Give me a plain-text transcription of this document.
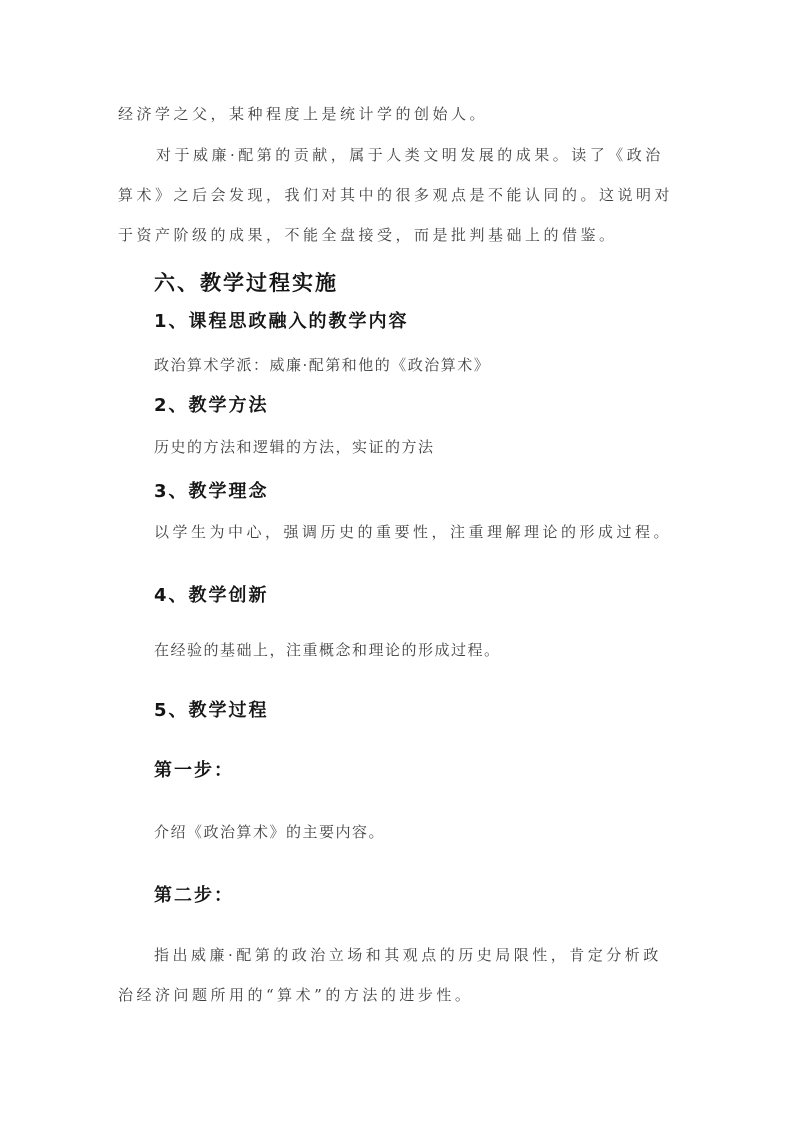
经济学之父，某种程度上是统计学的创始人。
对于威廉·配第的贡献，属于人类文明发展的成果。读了《政治
算术》之后会发现，我们对其中的很多观点是不能认同的。这说明对
于资产阶级的成果，不能全盘接受，而是批判基础上的借鉴。
六、教学过程实施
1、课程思政融入的教学内容
政治算术学派：威廉·配第和他的《政治算术》
2、教学方法
历史的方法和逻辑的方法，实证的方法
3、教学理念
以学生为中心，强调历史的重要性，注重理解理论的形成过程。
4、教学创新
在经验的基础上，注重概念和理论的形成过程。
5、教学过程
第一步：
介绍《政治算术》的主要内容。
第二步：
指出威廉·配第的政治立场和其观点的历史局限性，肯定分析政
治经济问题所用的“算术”的方法的进步性。
